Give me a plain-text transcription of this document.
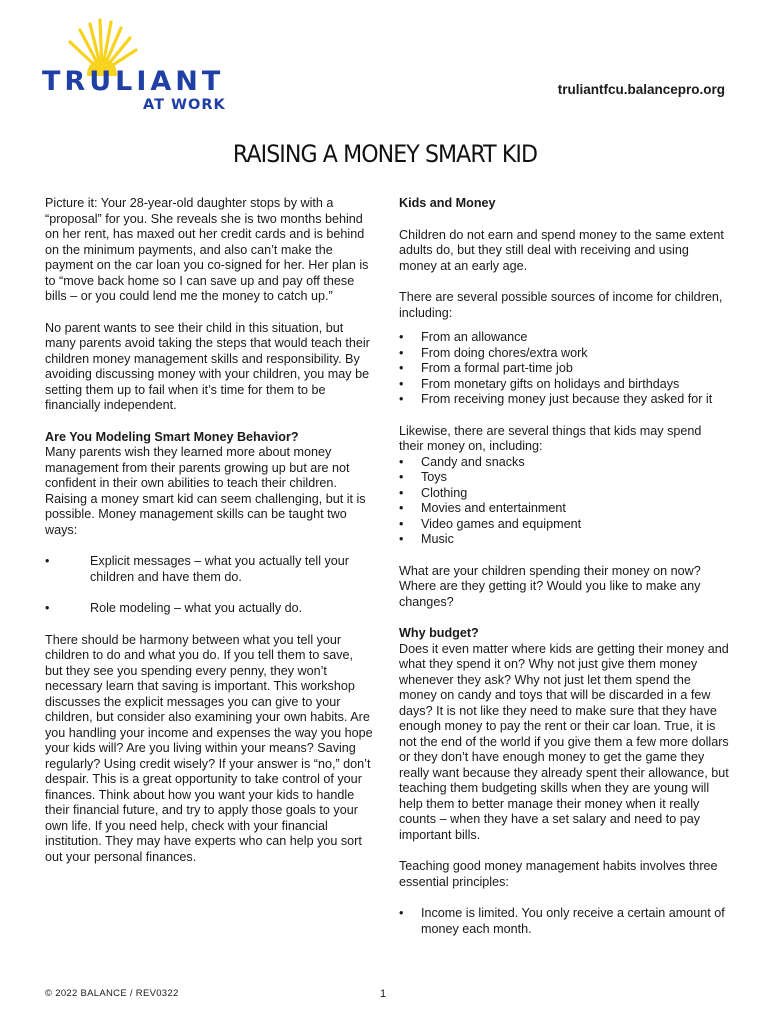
TRULIANT
AT WORK
truliantfcu.balancepro.org
RAISING A MONEY SMART KID

Picture it: Your 28-year-old daughter stops by with a “proposal” for you. She reveals she is two months behind on her rent, has maxed out her credit cards and is behind on the minimum payments, and also can’t make the payment on the car loan you co-signed for her. Her plan is to “move back home so I can save up and pay off these bills – or you could lend me the money to catch up.”

No parent wants to see their child in this situation, but many parents avoid taking the steps that would teach their children money management skills and responsibility. By avoiding discussing money with your children, you may be setting them up to fail when it’s time for them to be financially independent.

Are You Modeling Smart Money Behavior?

Many parents wish they learned more about money management from their parents growing up but are not confident in their own abilities to teach their children. Raising a money smart kid can seem challenging, but it is possible. Money management skills can be taught two ways:

• Explicit messages – what you actually tell your children and have them do.
• Role modeling – what you actually do.

There should be harmony between what you tell your children to do and what you do. If you tell them to save, but they see you spending every penny, they won’t necessary learn that saving is important. This workshop discusses the explicit messages you can give to your children, but consider also examining your own habits. Are you handling your income and expenses the way you hope your kids will? Are you living within your means? Saving regularly? Using credit wisely? If your answer is “no,” don’t despair. This is a great opportunity to take control of your finances. Think about how you want your kids to handle their financial future, and try to apply those goals to your own life. If you need help, check with your financial institution. They may have experts who can help you sort out your personal finances.

Kids and Money

Children do not earn and spend money to the same extent adults do, but they still deal with receiving and using money at an early age.

There are several possible sources of income for children, including:

• From an allowance
• From doing chores/extra work
• From a formal part-time job
• From monetary gifts on holidays and birthdays
• From receiving money just because they asked for it

Likewise, there are several things that kids may spend their money on, including:

• Candy and snacks
• Toys
• Clothing
• Movies and entertainment
• Video games and equipment
• Music

What are your children spending their money on now? Where are they getting it? Would you like to make any changes?

Why budget?

Does it even matter where kids are getting their money and what they spend it on? Why not just give them money whenever they ask? Why not just let them spend the money on candy and toys that will be discarded in a few days? It is not like they need to make sure that they have enough money to pay the rent or their car loan. True, it is not the end of the world if you give them a few more dollars or they don’t have enough money to get the game they really want because they already spent their allowance, but teaching them budgeting skills when they are young will help them to better manage their money when it really counts – when they have a set salary and need to pay important bills.

Teaching good money management habits involves three essential principles:

• Income is limited. You only receive a certain amount of money each month.
© 2022 BALANCE / REV0322	1
